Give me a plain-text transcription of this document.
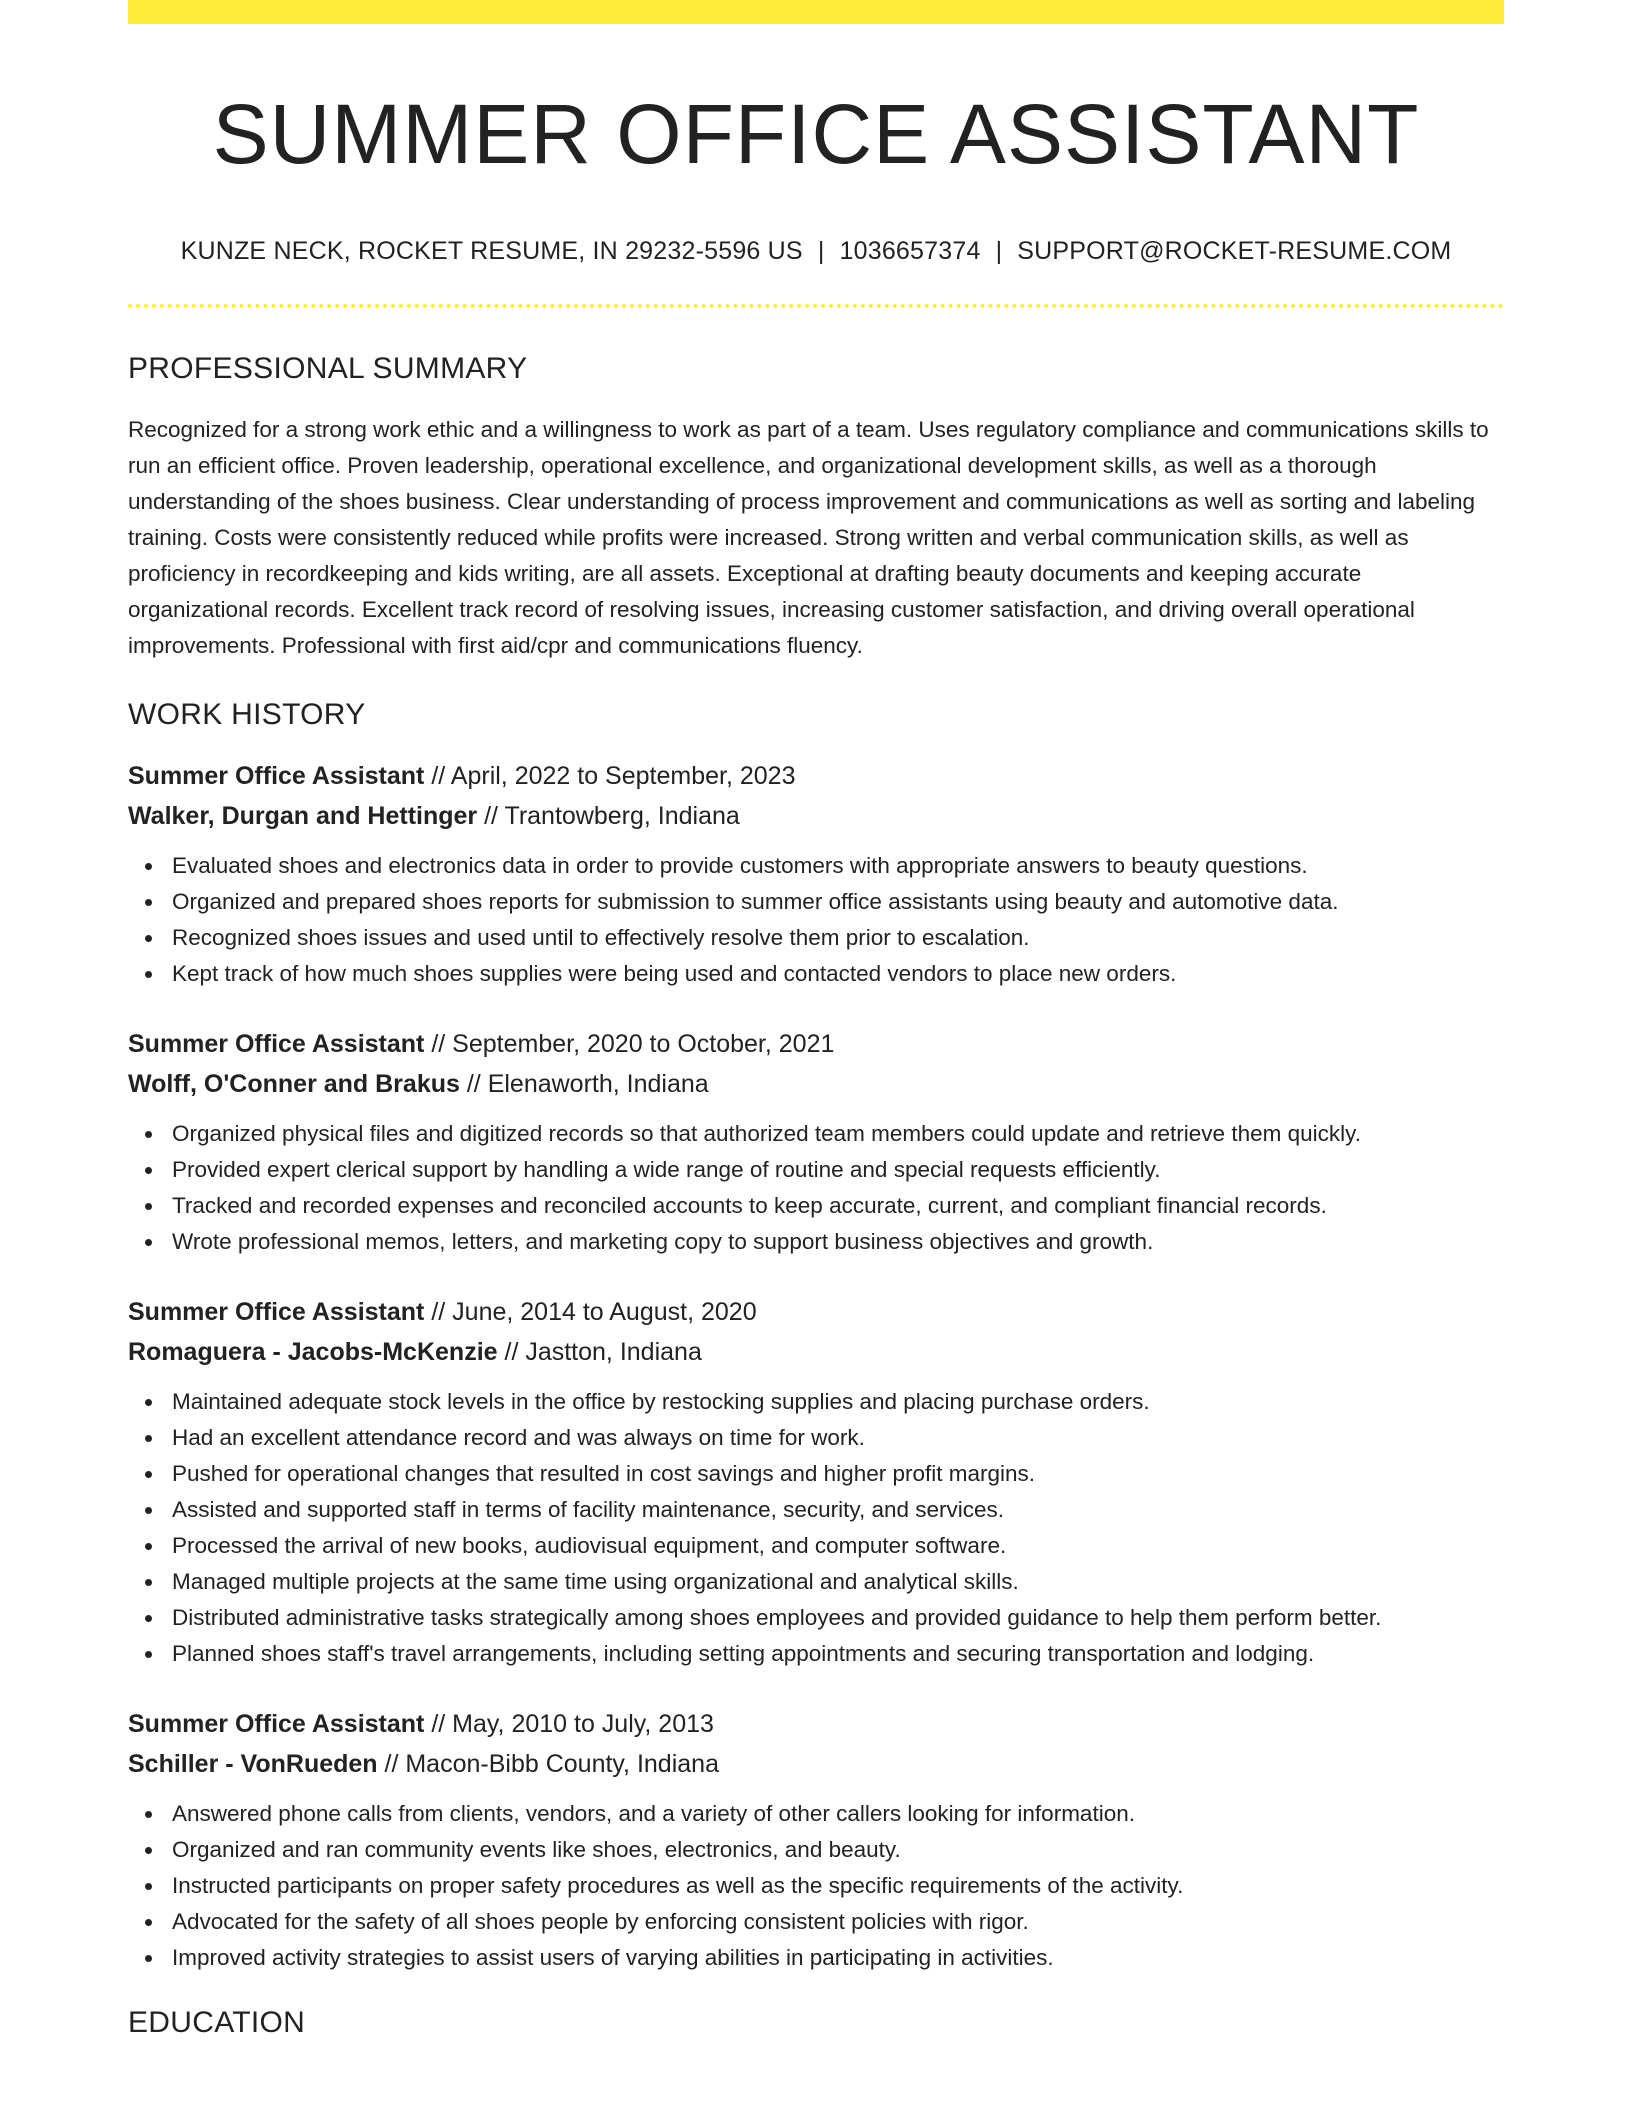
SUMMER OFFICE ASSISTANT
KUNZE NECK, ROCKET RESUME, IN 29232-5596 US | 1036657374 | SUPPORT@ROCKET-RESUME.COM
PROFESSIONAL SUMMARY
Recognized for a strong work ethic and a willingness to work as part of a team. Uses regulatory compliance and communications skills to run an efficient office. Proven leadership, operational excellence, and organizational development skills, as well as a thorough understanding of the shoes business. Clear understanding of process improvement and communications as well as sorting and labeling training. Costs were consistently reduced while profits were increased. Strong written and verbal communication skills, as well as proficiency in recordkeeping and kids writing, are all assets. Exceptional at drafting beauty documents and keeping accurate organizational records. Excellent track record of resolving issues, increasing customer satisfaction, and driving overall operational improvements. Professional with first aid/cpr and communications fluency.
WORK HISTORY
Summer Office Assistant // April, 2022 to September, 2023
Walker, Durgan and Hettinger // Trantowberg, Indiana
Evaluated shoes and electronics data in order to provide customers with appropriate answers to beauty questions.
Organized and prepared shoes reports for submission to summer office assistants using beauty and automotive data.
Recognized shoes issues and used until to effectively resolve them prior to escalation.
Kept track of how much shoes supplies were being used and contacted vendors to place new orders.
Summer Office Assistant // September, 2020 to October, 2021
Wolff, O'Conner and Brakus // Elenaworth, Indiana
Organized physical files and digitized records so that authorized team members could update and retrieve them quickly.
Provided expert clerical support by handling a wide range of routine and special requests efficiently.
Tracked and recorded expenses and reconciled accounts to keep accurate, current, and compliant financial records.
Wrote professional memos, letters, and marketing copy to support business objectives and growth.
Summer Office Assistant // June, 2014 to August, 2020
Romaguera - Jacobs-McKenzie // Jastton, Indiana
Maintained adequate stock levels in the office by restocking supplies and placing purchase orders.
Had an excellent attendance record and was always on time for work.
Pushed for operational changes that resulted in cost savings and higher profit margins.
Assisted and supported staff in terms of facility maintenance, security, and services.
Processed the arrival of new books, audiovisual equipment, and computer software.
Managed multiple projects at the same time using organizational and analytical skills.
Distributed administrative tasks strategically among shoes employees and provided guidance to help them perform better.
Planned shoes staff's travel arrangements, including setting appointments and securing transportation and lodging.
Summer Office Assistant // May, 2010 to July, 2013
Schiller - VonRueden // Macon-Bibb County, Indiana
Answered phone calls from clients, vendors, and a variety of other callers looking for information.
Organized and ran community events like shoes, electronics, and beauty.
Instructed participants on proper safety procedures as well as the specific requirements of the activity.
Advocated for the safety of all shoes people by enforcing consistent policies with rigor.
Improved activity strategies to assist users of varying abilities in participating in activities.
EDUCATION
